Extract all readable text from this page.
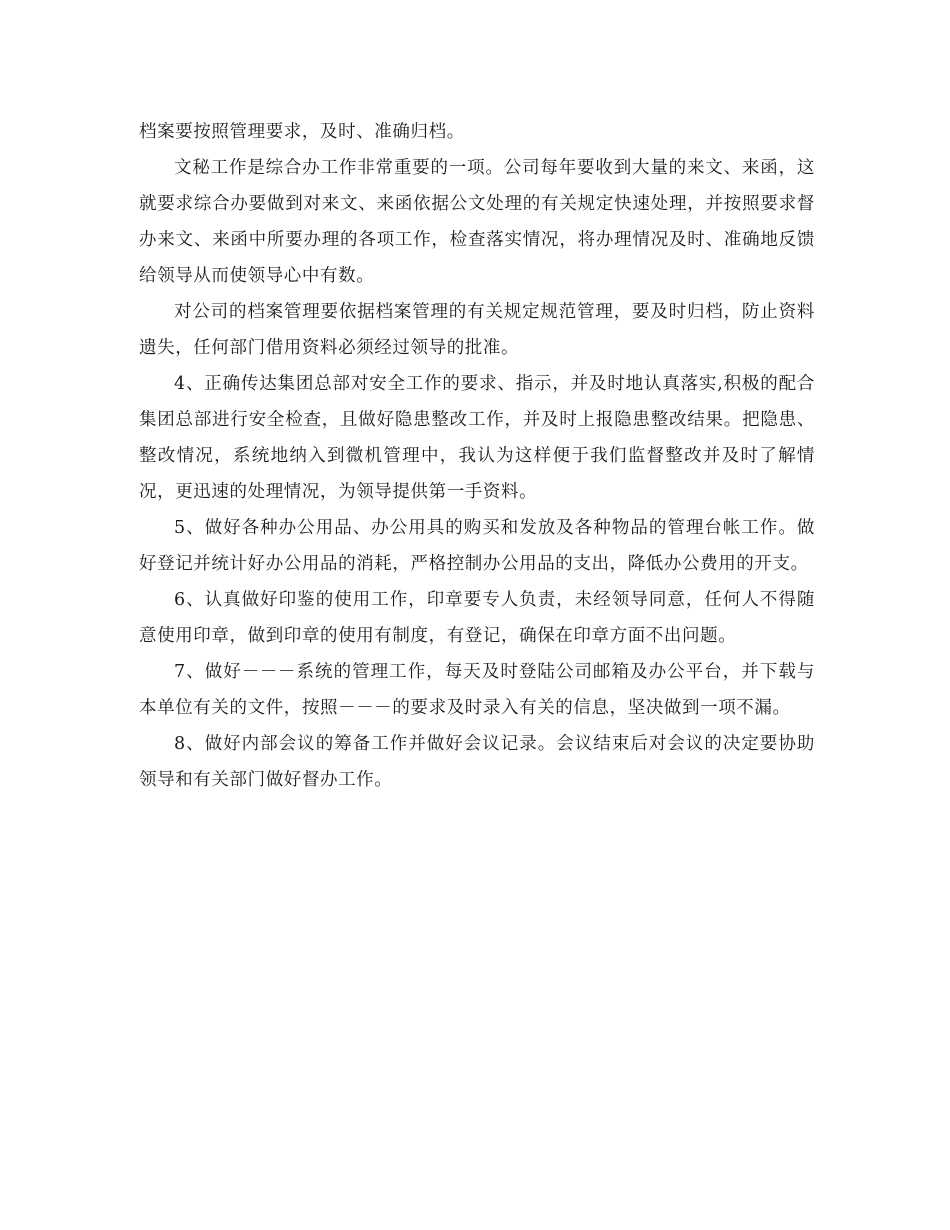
档案要按照管理要求，及时、准确归档。

文秘工作是综合办工作非常重要的一项。公司每年要收到大量的来文、来函，这就要求综合办要做到对来文、来函依据公文处理的有关规定快速处理，并按照要求督办来文、来函中所要办理的各项工作，检查落实情况，将办理情况及时、准确地反馈给领导从而使领导心中有数。

对公司的档案管理要依据档案管理的有关规定规范管理，要及时归档，防止资料遗失，任何部门借用资料必须经过领导的批准。

4、正确传达集团总部对安全工作的要求、指示，并及时地认真落实,积极的配合集团总部进行安全检查，且做好隐患整改工作，并及时上报隐患整改结果。把隐患、整改情况，系统地纳入到微机管理中，我认为这样便于我们监督整改并及时了解情况，更迅速的处理情况，为领导提供第一手资料。

5、做好各种办公用品、办公用具的购买和发放及各种物品的管理台帐工作。做好登记并统计好办公用品的消耗，严格控制办公用品的支出，降低办公费用的开支。

6、认真做好印鉴的使用工作，印章要专人负责，未经领导同意，任何人不得随意使用印章，做到印章的使用有制度，有登记，确保在印章方面不出问题。

7、做好－－－系统的管理工作，每天及时登陆公司邮箱及办公平台，并下载与本单位有关的文件，按照－－－的要求及时录入有关的信息，坚决做到一项不漏。

8、做好内部会议的筹备工作并做好会议记录。会议结束后对会议的决定要协助领导和有关部门做好督办工作。
